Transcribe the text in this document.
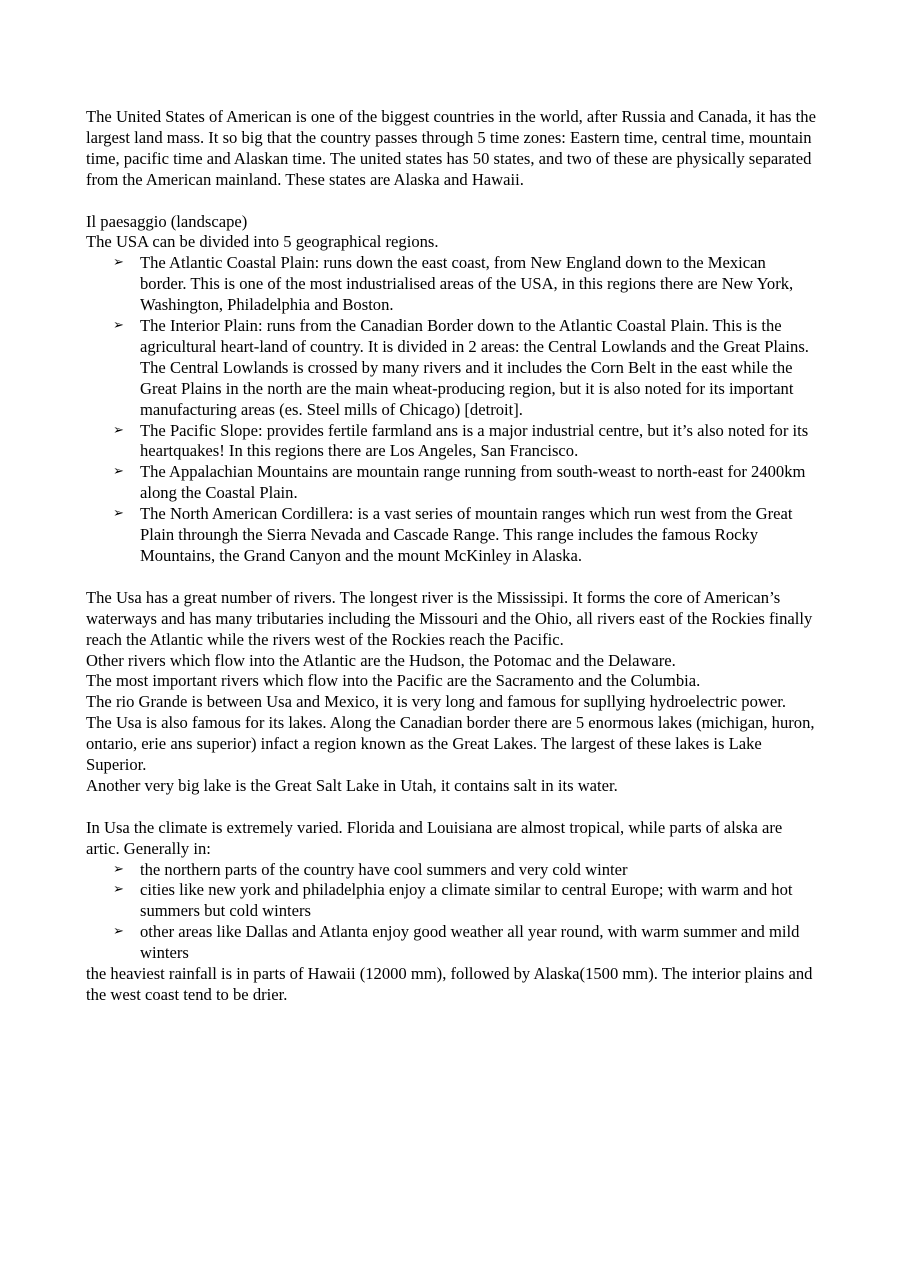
The United States of American is one of the biggest countries in the world, after Russia and Canada, it has the largest land mass. It so big that the country passes through 5 time zones: Eastern time, central time, mountain time, pacific time and Alaskan time. The united states has 50 states, and two of these are physically separated from the American mainland. These states are Alaska and Hawaii.

Il paesaggio (landscape)

The USA can be divided into 5 geographical regions.

➢ The Atlantic Coastal Plain: runs down the east coast, from New England down to the Mexican border. This is one of the most industrialised areas of the USA, in this regions there are New York, Washington, Philadelphia and Boston.
➢ The Interior Plain: runs from the Canadian Border down to the Atlantic Coastal Plain. This is the agricultural heart-land of country. It is divided in 2 areas: the Central Lowlands and the Great Plains. The Central Lowlands is crossed by many rivers and it includes the Corn Belt in the east while the Great Plains in the north are the main wheat-producing region, but it is also noted for its important manufacturing areas (es. Steel mills of Chicago) [detroit].
➢ The Pacific Slope: provides fertile farmland ans is a major industrial centre, but it’s also noted for its heartquakes! In this regions there are Los Angeles, San Francisco.
➢ The Appalachian Mountains are mountain range running from south-weast to north-east for 2400km along the Coastal Plain.
➢ The North American Cordillera: is a vast series of mountain ranges which run west from the Great Plain throungh the Sierra Nevada and Cascade Range. This range includes the famous Rocky Mountains, the Grand Canyon and the mount McKinley in Alaska.

The Usa has a great number of rivers. The longest river is the Mississipi. It forms the core of American’s waterways and has many tributaries including the Missouri and the Ohio, all rivers east of the Rockies finally reach the Atlantic while the rivers west of the Rockies reach the Pacific.

Other rivers which flow into the Atlantic are the Hudson, the Potomac and the Delaware.

The most important rivers which flow into the Pacific are the Sacramento and the Columbia.

The rio Grande is between Usa and Mexico, it is very long and famous for supllying hydroelectric power.

The Usa is also famous for its lakes. Along the Canadian border there are 5 enormous lakes (michigan, huron, ontario, erie ans superior) infact a region known as the Great Lakes. The largest of these lakes is Lake Superior.

Another very big lake is the Great Salt Lake in Utah, it contains salt in its water.

In Usa the climate is extremely varied. Florida and Louisiana are almost tropical, while parts of alska are artic. Generally in:

➢ the northern parts of the country have cool summers and very cold winter
➢ cities like new york and philadelphia enjoy a climate similar to central Europe; with warm and hot summers but cold winters
➢ other areas like Dallas and Atlanta enjoy good weather all year round, with warm summer and mild winters

the heaviest rainfall is in parts of Hawaii (12000 mm), followed by Alaska(1500 mm). The interior plains and the west coast tend to be drier.
